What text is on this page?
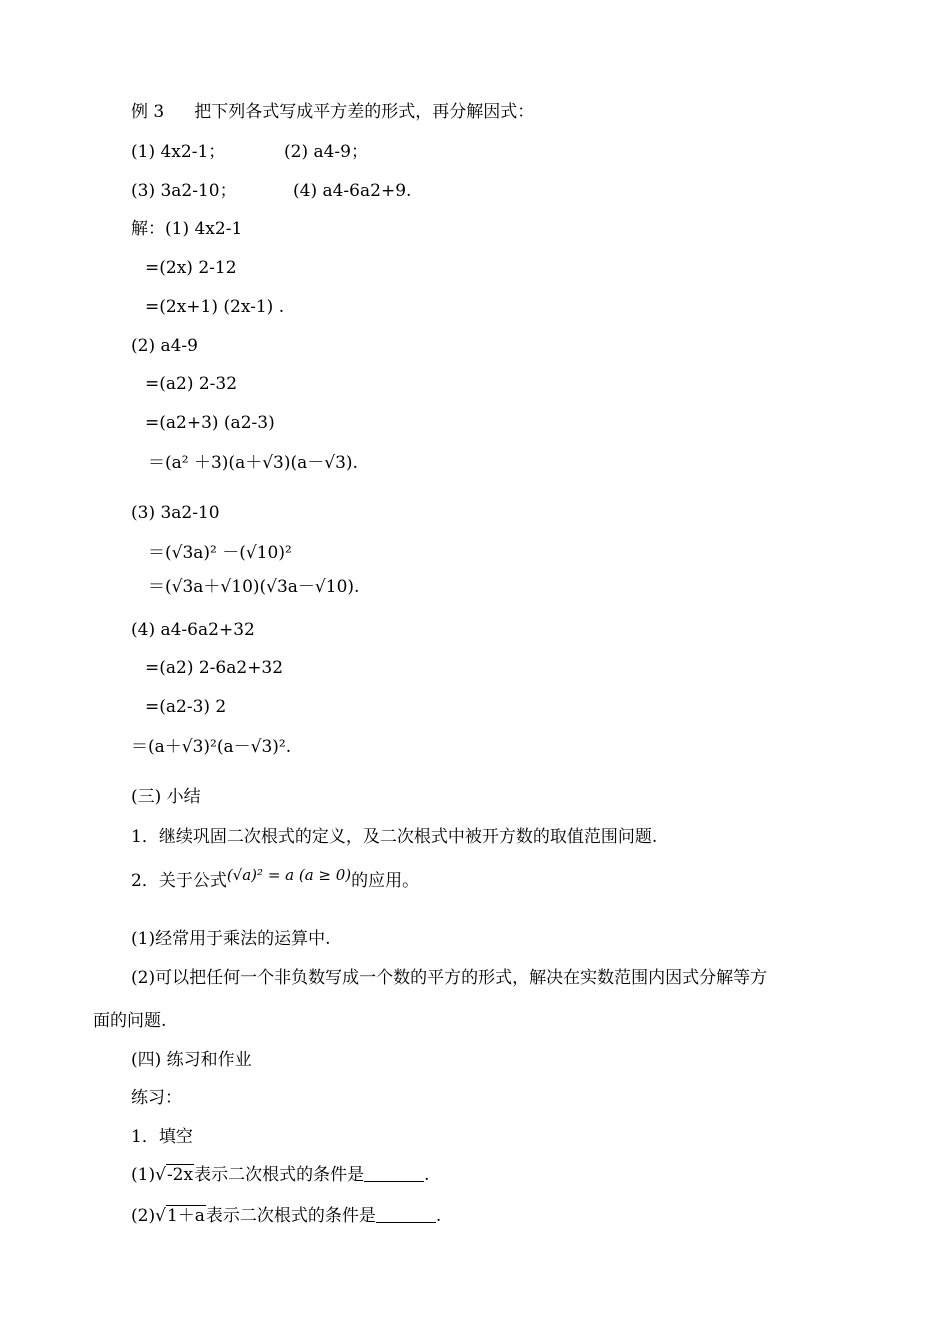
例 3 把下列各式写成平方差的形式，再分解因式：
(1) 4x2-1；	(2) a4-9；
(3) 3a2-10；	(4) a4-6a2+9.
解：(1) 4x2-1
=(2x) 2-12
=(2x+1) (2x-1) .
(2) a4-9
=(a2) 2-32
=(a2+3) (a2-3)
＝(a² ＋3)(a＋√3)(a－√3).
(3) 3a2-10
＝(√3a)² －(√10)²
＝(√3a＋√10)(√3a－√10).
(4) a4-6a2+32
=(a2) 2-6a2+32
=(a2-3) 2
＝(a＋√3)²(a－√3)².
(三) 小结
1．继续巩固二次根式的定义，及二次根式中被开方数的取值范围问题.
2．关于公式(√a)² = a (a ≥ 0)的应用。
(1)经常用于乘法的运算中.
(2)可以把任何一个非负数写成一个数的平方的形式，解决在实数范围内因式分解等方
面的问题.
(四) 练习和作业
练习：
1．填空
(1)√-2x表示二次根式的条件是	.
(2)√1＋a表示二次根式的条件是	.
